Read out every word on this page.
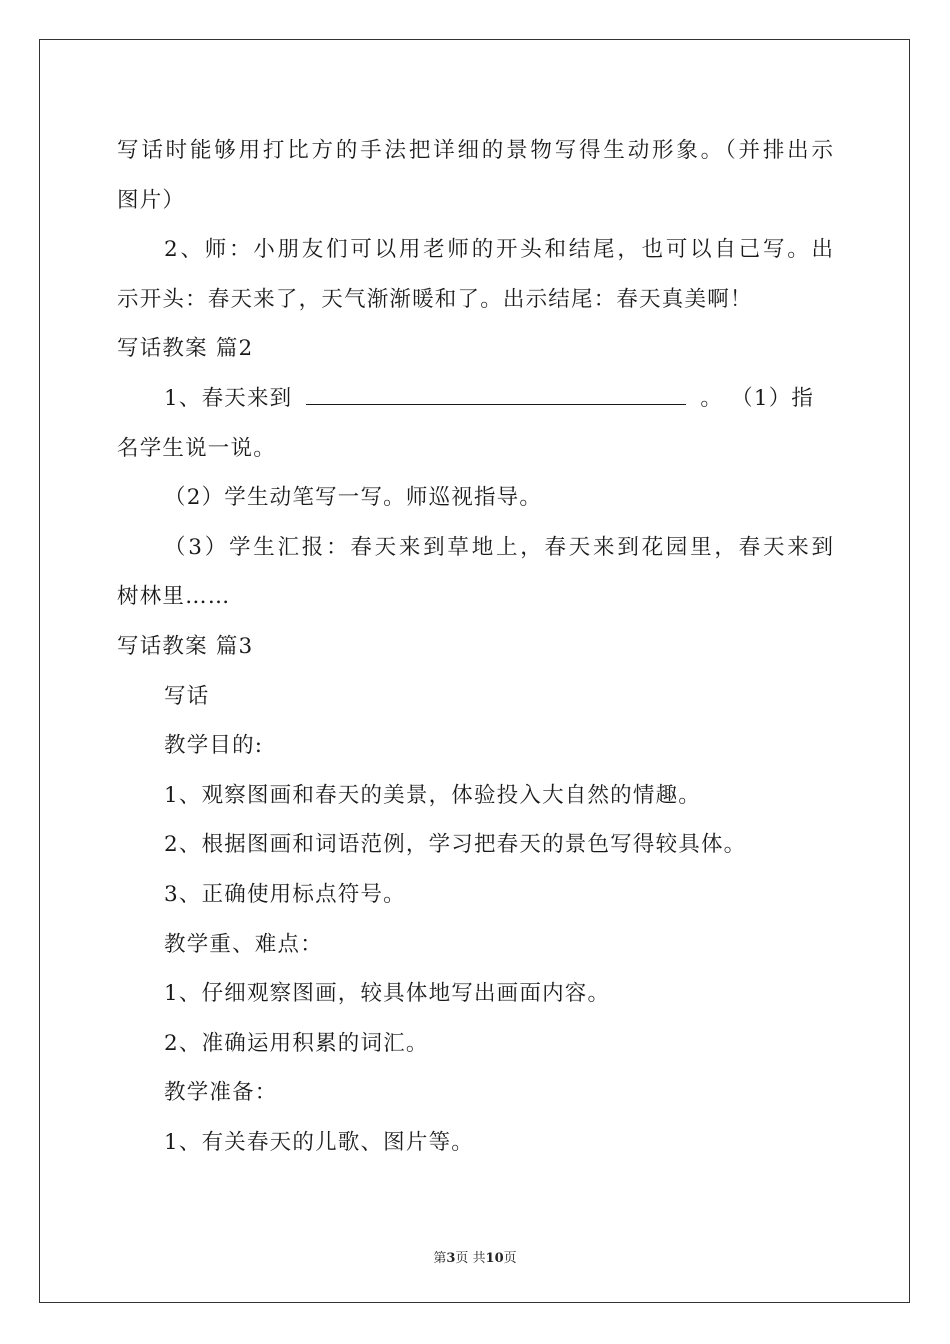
写话时能够用打比方的手法把详细的景物写得生动形象。（并排出示
图片）
2、师：小朋友们可以用老师的开头和结尾，也可以自己写。出
示开头：春天来了，天气渐渐暖和了。出示结尾：春天真美啊！
写话教案 篇2
1、春天来到	。 （1）指
名学生说一说。
（2）学生动笔写一写。师巡视指导。
（3）学生汇报：春天来到草地上，春天来到花园里，春天来到
树林里……
写话教案 篇3
写话
教学目的:
1、观察图画和春天的美景，体验投入大自然的情趣。
2、根据图画和词语范例，学习把春天的景色写得较具体。
3、正确使用标点符号。
教学重、难点：
1、仔细观察图画，较具体地写出画面内容。
2、准确运用积累的词汇。
教学准备：
1、有关春天的儿歌、图片等。
第3页 共10页
